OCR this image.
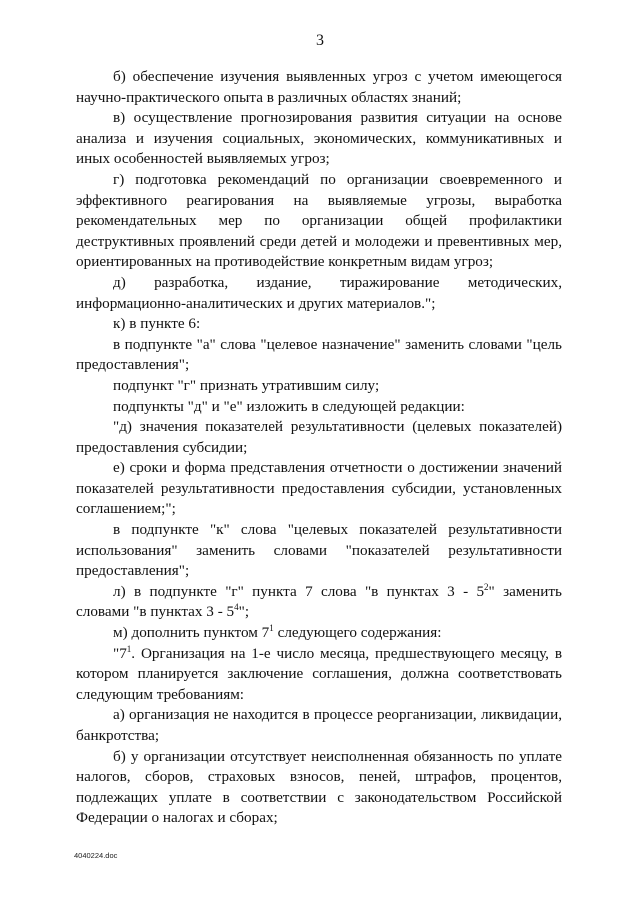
3

б) обеспечение изучения выявленных угроз с учетом имеющегося научно-практического опыта в различных областях знаний;

в) осуществление прогнозирования развития ситуации на основе анализа и изучения социальных, экономических, коммуникативных и иных особенностей выявляемых угроз;

г) подготовка рекомендаций по организации своевременного и эффективного реагирования на выявляемые угрозы, выработка рекомендательных мер по организации общей профилактики деструктивных проявлений среди детей и молодежи и превентивных мер, ориентированных на противодействие конкретным видам угроз;

д) разработка, издание, тиражирование методических, информационно-аналитических и других материалов.";

к) в пункте 6:

в подпункте "а" слова "целевое назначение" заменить словами "цель предоставления";

подпункт "г" признать утратившим силу;

подпункты "д" и "е" изложить в следующей редакции:

"д) значения показателей результативности (целевых показателей) предоставления субсидии;

е) сроки и форма представления отчетности о достижении значений показателей результативности предоставления субсидии, установленных соглашением;";

в подпункте "к" слова "целевых показателей результативности использования" заменить словами "показателей результативности предоставления";

л) в подпункте "г" пункта 7 слова "в пунктах $3 - 5^2$" заменить словами "в пунктах $3 - 5^4$";

м) дополнить пунктом $7^1$ следующего содержания:

"$7^1$. Организация на 1-е число месяца, предшествующего месяцу, в котором планируется заключение соглашения, должна соответствовать следующим требованиям:

а) организация не находится в процессе реорганизации, ликвидации, банкротства;

б) у организации отсутствует неисполненная обязанность по уплате налогов, сборов, страховых взносов, пеней, штрафов, процентов, подлежащих уплате в соответствии с законодательством Российской Федерации о налогах и сборах;

4040224.doc
